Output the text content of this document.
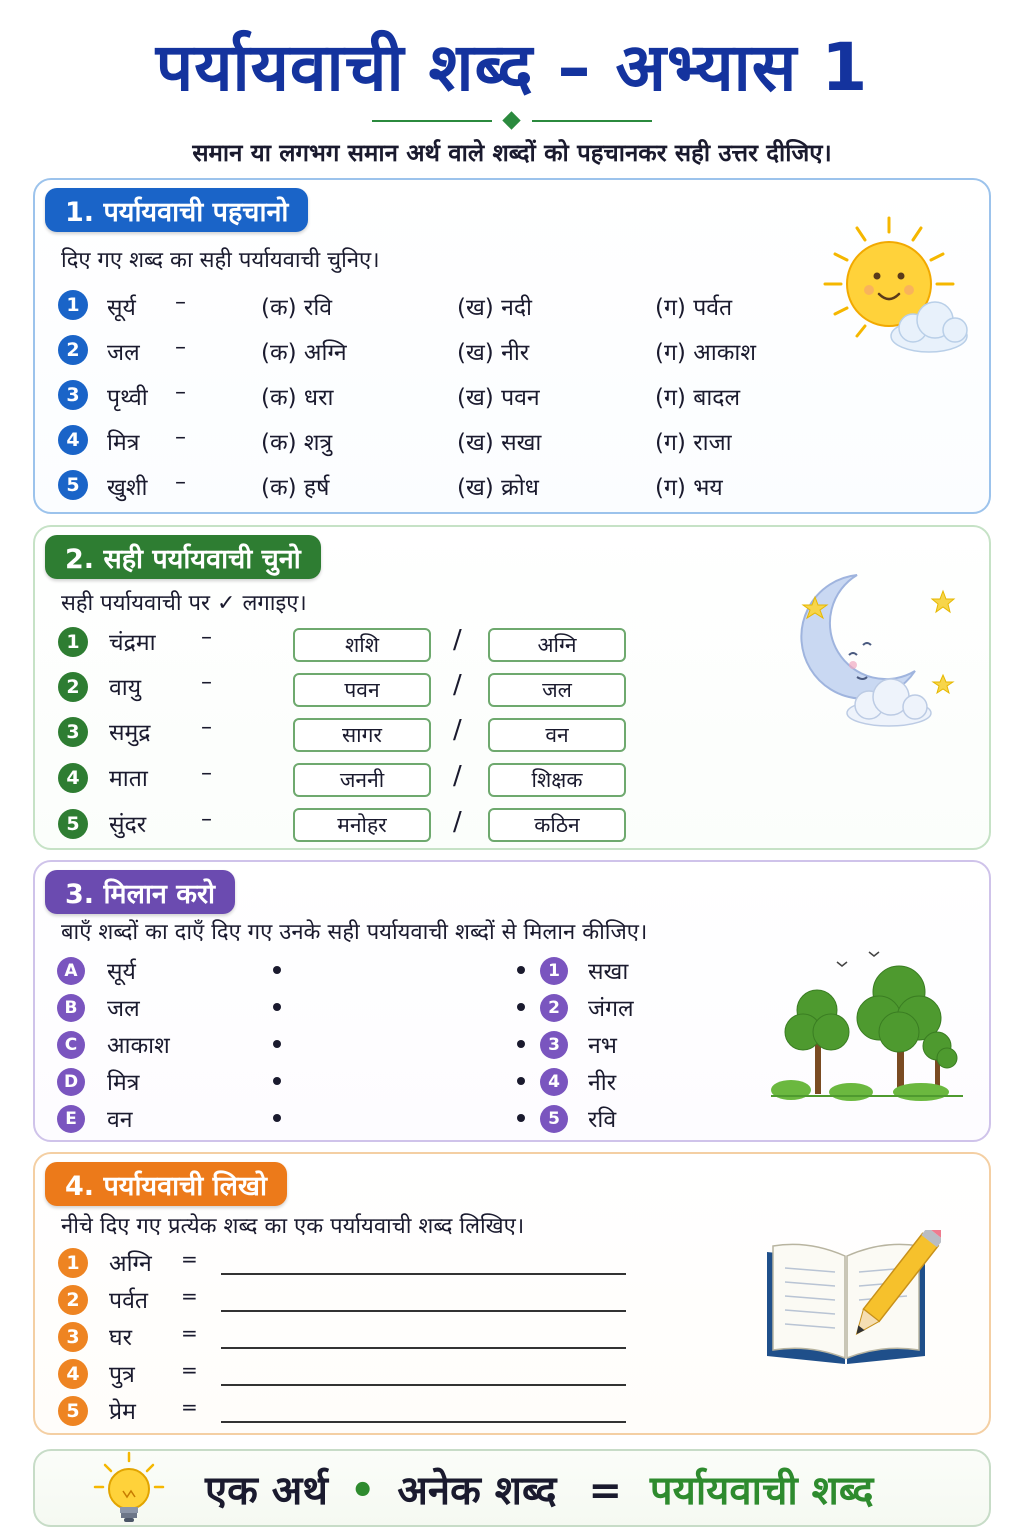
पर्यायवाची शब्द – अभ्यास 1
समान या लगभग समान अर्थ वाले शब्दों को पहचानकर सही उत्तर दीजिए।
1. पर्यायवाची पहचानो
दिए गए शब्द का सही पर्यायवाची चुनिए।
1	सूर्य –	(क) रवि	(ख) नदी	(ग) पर्वत
2	जल –	(क) अग्नि	(ख) नीर	(ग) आकाश
3	पृथ्वी –	(क) धरा	(ख) पवन	(ग) बादल
4	मित्र –	(क) शत्रु	(ख) सखा	(ग) राजा
5	खुशी –	(क) हर्ष	(ख) क्रोध	(ग) भय
2. सही पर्यायवाची चुनो
सही पर्यायवाची पर ✓ लगाइए।
1	चंद्रमा –	शशि	/	अग्नि
2	वायु	–	पवन	/	जल
3	समुद्र –	सागर	/	वन
4	माता –	जननी	/	शिक्षक
5	सुंदर –	मनोहर	/	कठिन
3. मिलान करो
बाएँ शब्दों का दाएँ दिए गए उनके सही पर्यायवाची शब्दों से मिलान कीजिए।
A	सूर्य
B	जल
C	आकाश
D	मित्र
E	वन
1	सखा
2	जंगल
3	नभ
4	नीर
5	रवि
4. पर्यायवाची लिखो
नीचे दिए गए प्रत्येक शब्द का एक पर्यायवाची शब्द लिखिए।
1	अग्नि =
2	पर्वत =
3	घर =
4	पुत्र =
5	प्रेम =
एक अर्थ • अनेक शब्द = पर्यायवाची शब्द
